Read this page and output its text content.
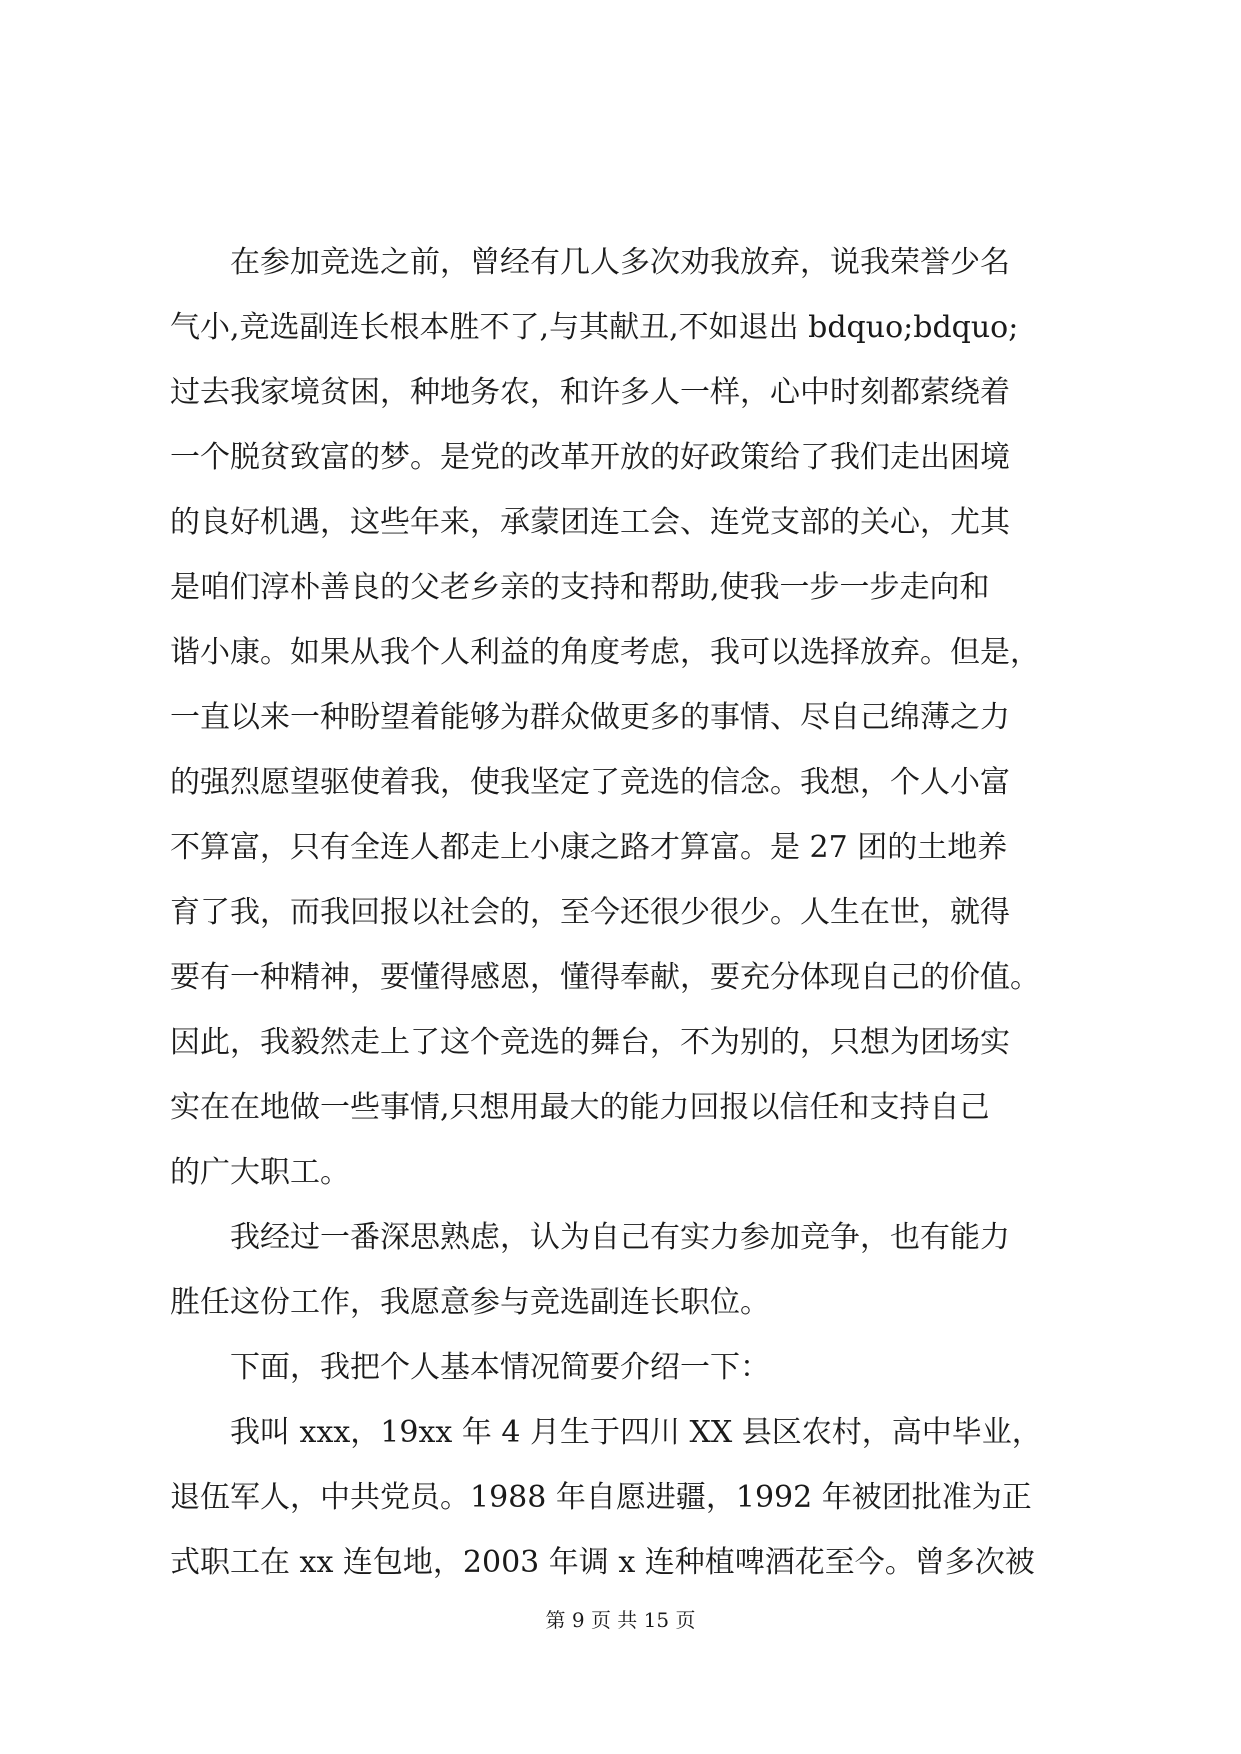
　　在参加竞选之前，曾经有几人多次劝我放弃，说我荣誉少名
气小,竞选副连长根本胜不了,与其献丑,不如退出 bdquo;bdquo;
过去我家境贫困，种地务农，和许多人一样，心中时刻都萦绕着
一个脱贫致富的梦。是党的改革开放的好政策给了我们走出困境
的良好机遇，这些年来，承蒙团连工会、连党支部的关心，尤其
是咱们淳朴善良的父老乡亲的支持和帮助,使我一步一步走向和
谐小康。如果从我个人利益的角度考虑，我可以选择放弃。但是，
一直以来一种盼望着能够为群众做更多的事情、尽自己绵薄之力
的强烈愿望驱使着我，使我坚定了竞选的信念。我想，个人小富
不算富，只有全连人都走上小康之路才算富。是 27 团的土地养
育了我，而我回报以社会的，至今还很少很少。人生在世，就得
要有一种精神，要懂得感恩，懂得奉献，要充分体现自己的价值。
因此，我毅然走上了这个竞选的舞台，不为别的，只想为团场实
实在在地做一些事情,只想用最大的能力回报以信任和支持自己
的广大职工。
　　我经过一番深思熟虑，认为自己有实力参加竞争，也有能力
胜任这份工作，我愿意参与竞选副连长职位。
　　下面，我把个人基本情况简要介绍一下：
　　我叫 xxx，19xx 年 4 月生于四川 XX 县区农村，高中毕业，
退伍军人，中共党员。1988 年自愿进疆，1992 年被团批准为正
式职工在 xx 连包地，2003 年调 x 连种植啤酒花至今。曾多次被
第 9 页 共 15 页
